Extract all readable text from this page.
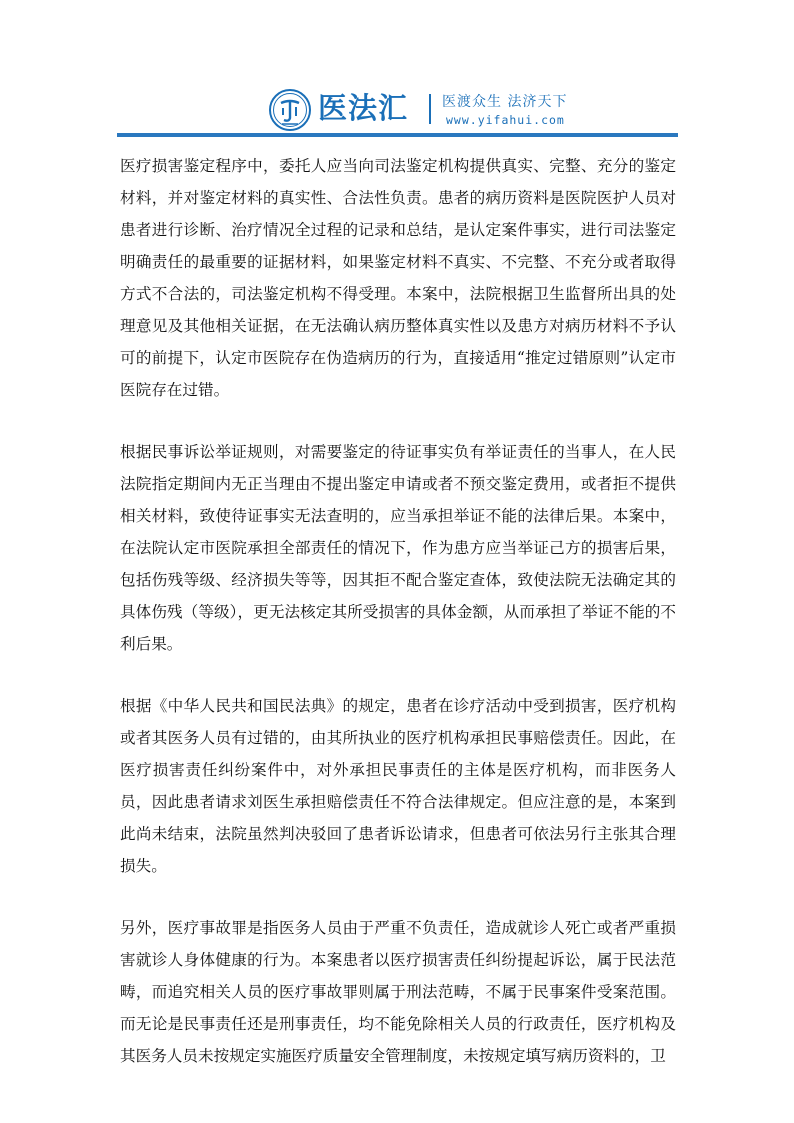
医法汇 医渡众生 法济天下
www.yifahui.com

医疗损害鉴定程序中，委托人应当向司法鉴定机构提供真实、完整、充分的鉴定材料，并对鉴定材料的真实性、合法性负责。患者的病历资料是医院医护人员对患者进行诊断、治疗情况全过程的记录和总结，是认定案件事实，进行司法鉴定明确责任的最重要的证据材料，如果鉴定材料不真实、不完整、不充分或者取得方式不合法的，司法鉴定机构不得受理。本案中，法院根据卫生监督所出具的处理意见及其他相关证据，在无法确认病历整体真实性以及患方对病历材料不予认可的前提下，认定市医院存在伪造病历的行为，直接适用“推定过错原则”认定市医院存在过错。

根据民事诉讼举证规则，对需要鉴定的待证事实负有举证责任的当事人，在人民法院指定期间内无正当理由不提出鉴定申请或者不预交鉴定费用，或者拒不提供相关材料，致使待证事实无法查明的，应当承担举证不能的法律后果。本案中，在法院认定市医院承担全部责任的情况下，作为患方应当举证己方的损害后果，包括伤残等级、经济损失等等，因其拒不配合鉴定查体，致使法院无法确定其的具体伤残（等级），更无法核定其所受损害的具体金额，从而承担了举证不能的不利后果。

根据《中华人民共和国民法典》的规定，患者在诊疗活动中受到损害，医疗机构或者其医务人员有过错的，由其所执业的医疗机构承担民事赔偿责任。因此，在医疗损害责任纠纷案件中，对外承担民事责任的主体是医疗机构，而非医务人员，因此患者请求刘医生承担赔偿责任不符合法律规定。但应注意的是，本案到此尚未结束，法院虽然判决驳回了患者诉讼请求，但患者可依法另行主张其合理损失。

另外，医疗事故罪是指医务人员由于严重不负责任，造成就诊人死亡或者严重损害就诊人身体健康的行为。本案患者以医疗损害责任纠纷提起诉讼，属于民法范畴，而追究相关人员的医疗事故罪则属于刑法范畴，不属于民事案件受案范围。而无论是民事责任还是刑事责任，均不能免除相关人员的行政责任，医疗机构及其医务人员未按规定实施医疗质量安全管理制度，未按规定填写病历资料的，卫
